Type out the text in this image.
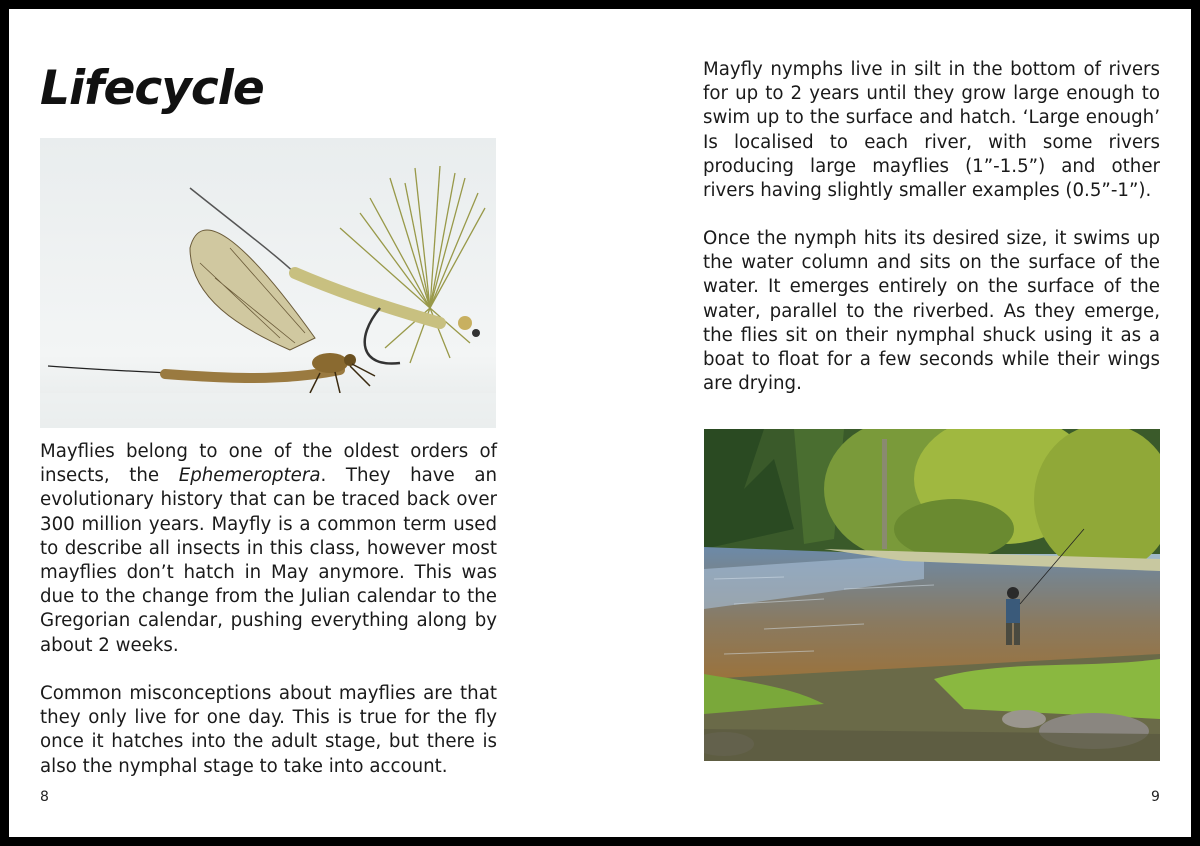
Lifecycle

Mayflies belong to one of the oldest orders of insects, the Ephemeroptera. They have an evolutionary history that can be traced back over 300 million years. Mayfly is a common term used to describe all insects in this class, however most mayflies don’t hatch in May anymore. This was due to the change from the Julian calendar to the Gregorian calendar, pushing everything along by about 2 weeks.

Common misconceptions about mayflies are that they only live for one day. This is true for the fly once it hatches into the adult stage, but there is also the nymphal stage to take into account.

8

Mayfly nymphs live in silt in the bottom of rivers for up to 2 years until they grow large enough to swim up to the surface and hatch. ‘Large enough’ Is localised to each river, with some rivers producing large mayflies (1”-1.5”) and other rivers having slightly smaller examples (0.5”-1”).

Once the nymph hits its desired size, it swims up the water column and sits on the surface of the water. It emerges entirely on the surface of the water, parallel to the riverbed. As they emerge, the flies sit on their nymphal shuck using it as a boat to float for a few seconds while their wings are drying.

9
